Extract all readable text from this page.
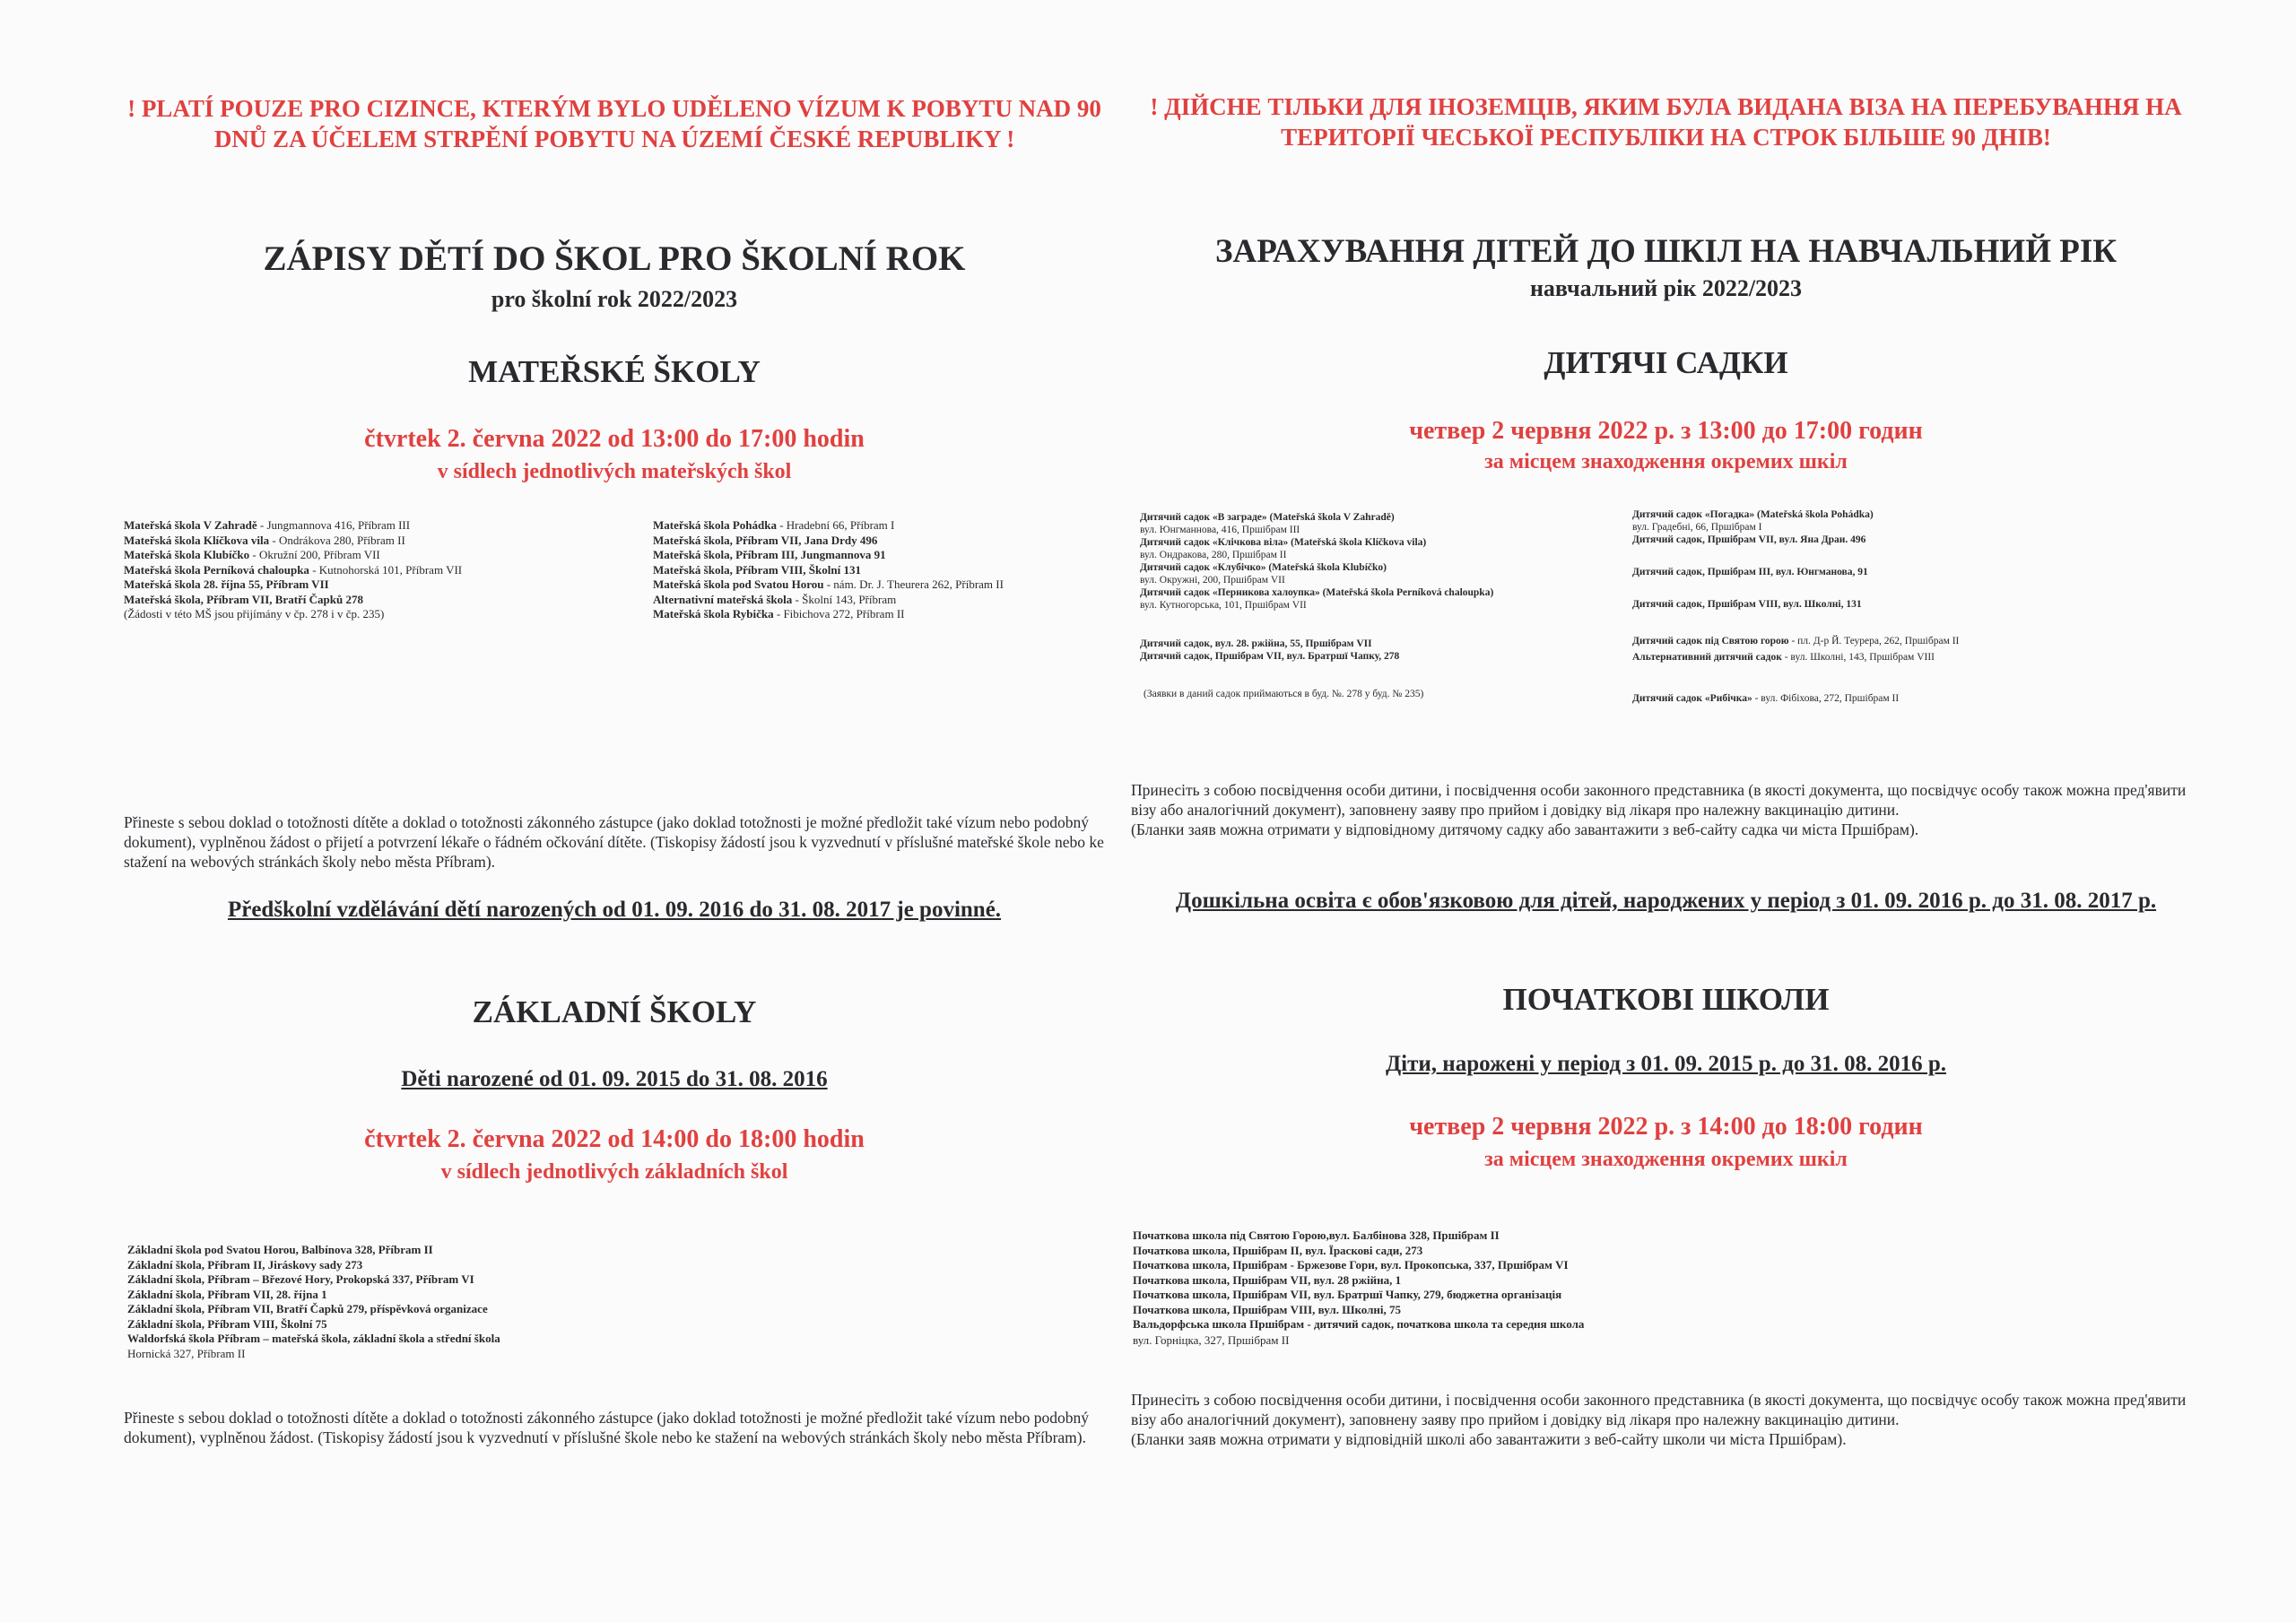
! PLATÍ POUZE PRO CIZINCE, KTERÝM BYLO UDĚLENO VÍZUM K POBYTU NAD 90 DNŮ ZA ÚČELEM STRPĚNÍ POBYTU NA ÚZEMÍ ČESKÉ REPUBLIKY !
ZÁPISY DĚTÍ DO ŠKOL PRO ŠKOLNÍ ROK
pro školní rok 2022/2023
MATEŘSKÉ ŠKOLY
čtvrtek 2. června 2022 od 13:00 do 17:00 hodin
v sídlech jednotlivých mateřských škol
Mateřská škola V Zahradě - Jungmannova 416, Příbram III
Mateřská škola Klíčkova vila - Ondrákova 280, Příbram II
Mateřská škola Klubíčko - Okružní 200, Příbram VII
Mateřská škola Perníková chaloupka - Kutnohorská 101, Příbram VII
Mateřská škola 28. října 55, Příbram VII
Mateřská škola, Příbram VII, Bratří Čapků 278
(Žádosti v této MŠ jsou přijímány v čp. 278 i v čp. 235)
Mateřská škola Pohádka - Hradební 66, Příbram I
Mateřská škola, Příbram VII, Jana Drdy 496
Mateřská škola, Příbram III, Jungmannova 91
Mateřská škola, Příbram VIII, Školní 131
Mateřská škola pod Svatou Horou - nám. Dr. J. Theurera 262, Příbram II
Alternativní mateřská škola - Školní 143, Příbram
Mateřská škola Rybička - Fibichova 272, Příbram II
Přineste s sebou doklad o totožnosti dítěte a doklad o totožnosti zákonného zástupce (jako doklad totožnosti je možné předložit také vízum nebo podobný dokument), vyplněnou žádost o přijetí a potvrzení lékaře o řádném očkování dítěte. (Tiskopisy žádostí jsou k vyzvednutí v příslušné mateřské škole nebo ke stažení na webových stránkách školy nebo města Příbram).
Předškolní vzdělávání dětí narozených od 01. 09. 2016 do 31. 08. 2017 je povinné.
ZÁKLADNÍ ŠKOLY
Děti narozené od 01. 09. 2015 do 31. 08. 2016
čtvrtek 2. června 2022 od 14:00 do 18:00 hodin
v sídlech jednotlivých základních škol
Základní škola pod Svatou Horou, Balbínova 328, Příbram II
Základní škola, Příbram II, Jiráskovy sady 273
Základní škola, Příbram – Březové Hory, Prokopská 337, Příbram VI
Základní škola, Příbram VII, 28. října 1
Základní škola, Příbram VII, Bratří Čapků 279, příspěvková organizace
Základní škola, Příbram VIII, Školní 75
Waldorfská škola Příbram – mateřská škola, základní škola a střední škola
Hornická 327, Příbram II
Přineste s sebou doklad o totožnosti dítěte a doklad o totožnosti zákonného zástupce (jako doklad totožnosti je možné předložit také vízum nebo podobný dokument), vyplněnou žádost. (Tiskopisy žádostí jsou k vyzvednutí v příslušné škole nebo ke stažení na webových stránkách školy nebo města Příbram).
! ДІЙСНЕ ТІЛЬКИ ДЛЯ ІНОЗЕМЦІВ, ЯКИМ БУЛА ВИДАНА ВІЗА НА ПЕРЕБУВАННЯ НА ТЕРИТОРІЇ ЧЕСЬКОЇ РЕСПУБЛІКИ НА СТРОК БІЛЬШЕ 90 ДНІВ!
ЗАРАХУВАННЯ ДІТЕЙ ДО ШКІЛ НА НАВЧАЛЬНИЙ РІК
навчальний рік 2022/2023
ДИТЯЧІ САДКИ
четвер 2 червня 2022 р. з 13:00 до 17:00 годин
за місцем знаходження окремих шкіл
Дитячий садок «В заграде» (Mateřská škola V Zahradě)
вул. Юнгманнова, 416, Пршібрам III
Дитячий садок «Клічкова віла» (Mateřská škola Klíčkova vila)
вул. Ондракова, 280, Пршібрам II
Дитячий садок «Клубічко» (Mateřská škola Klubíčko)
вул. Окружні, 200, Пршібрам VII
Дитячий садок «Перникова халоупка» (Mateřská škola Perníková chaloupka)
вул. Кутногорська, 101, Пршібрам VII
Дитячий садок, вул. 28. ржійна, 55, Пршібрам VII
Дитячий садок, Пршібрам VII, вул. Братршї Чапку, 278
(Заявки в даний садок приймаються в буд. №. 278 у буд. № 235)
Дитячий садок «Погадка» (Mateřská škola Pohádka)
вул. Градебні, 66, Пршібрам I
Дитячий садок, Пршібрам VII, вул. Яна Драи. 496
Дитячий садок, Пршібрам III, вул. Юнгманова, 91
Дитячий садок, Пршібрам VIII, вул. Школні, 131
Дитячий садок під Святою горою - пл. Д-р Й. Теурера, 262, Пршібрам II
Альтернативний дитячий садок - вул. Школні, 143, Пршібрам VIII
Дитячий садок «Рибічка» - вул. Фібіхова, 272, Пршібрам II
Принесіть з собою посвідчення особи дитини, і посвідчення особи законного представника (в якості документа, що посвідчує особу також можна пред'явити візу або аналогічний документ), заповнену заяву про прийом і довідку від лікаря про належну вакцинацію дитини.
(Бланки заяв можна отримати у відповідному дитячому садку або завантажити з веб-сайту садка чи міста Пршібрам).
Дошкільна освіта є обов'язковою для дітей, народжених у період з 01. 09. 2016 р. до 31. 08. 2017 р.
ПОЧАТКОВІ ШКОЛИ
Діти, нарожені у період з 01. 09. 2015 р. до 31. 08. 2016 р.
четвер 2 червня 2022 р. з 14:00 до 18:00 годин
за місцем знаходження окремих шкіл
Початкова школа під Святою Горою,вул. Балбінова 328, Пршібрам II
Початкова школа, Пршібрам II, вул. Їраскові сади, 273
Початкова школа, Пршібрам - Бржезове Гори, вул. Прокопська, 337, Пршібрам VI
Початкова школа, Пршібрам VII, вул. 28 ржійна, 1
Початкова школа, Пршібрам VII, вул. Братршї Чапку, 279, бюджетна організація
Початкова школа, Пршібрам VIII, вул. Школні, 75
Вальдорфська школа Пршібрам - дитячий садок, початкова школа та середня школа
вул. Горніцка, 327, Пршібрам II
Принесіть з собою посвідчення особи дитини, і посвідчення особи законного представника (в якості документа, що посвідчує особу також можна пред'явити візу або аналогічний документ), заповнену заяву про прийом і довідку від лікаря про належну вакцинацію дитини.
(Бланки заяв можна отримати у відповідній школі або завантажити з веб-сайту школи чи міста Пршібрам).
